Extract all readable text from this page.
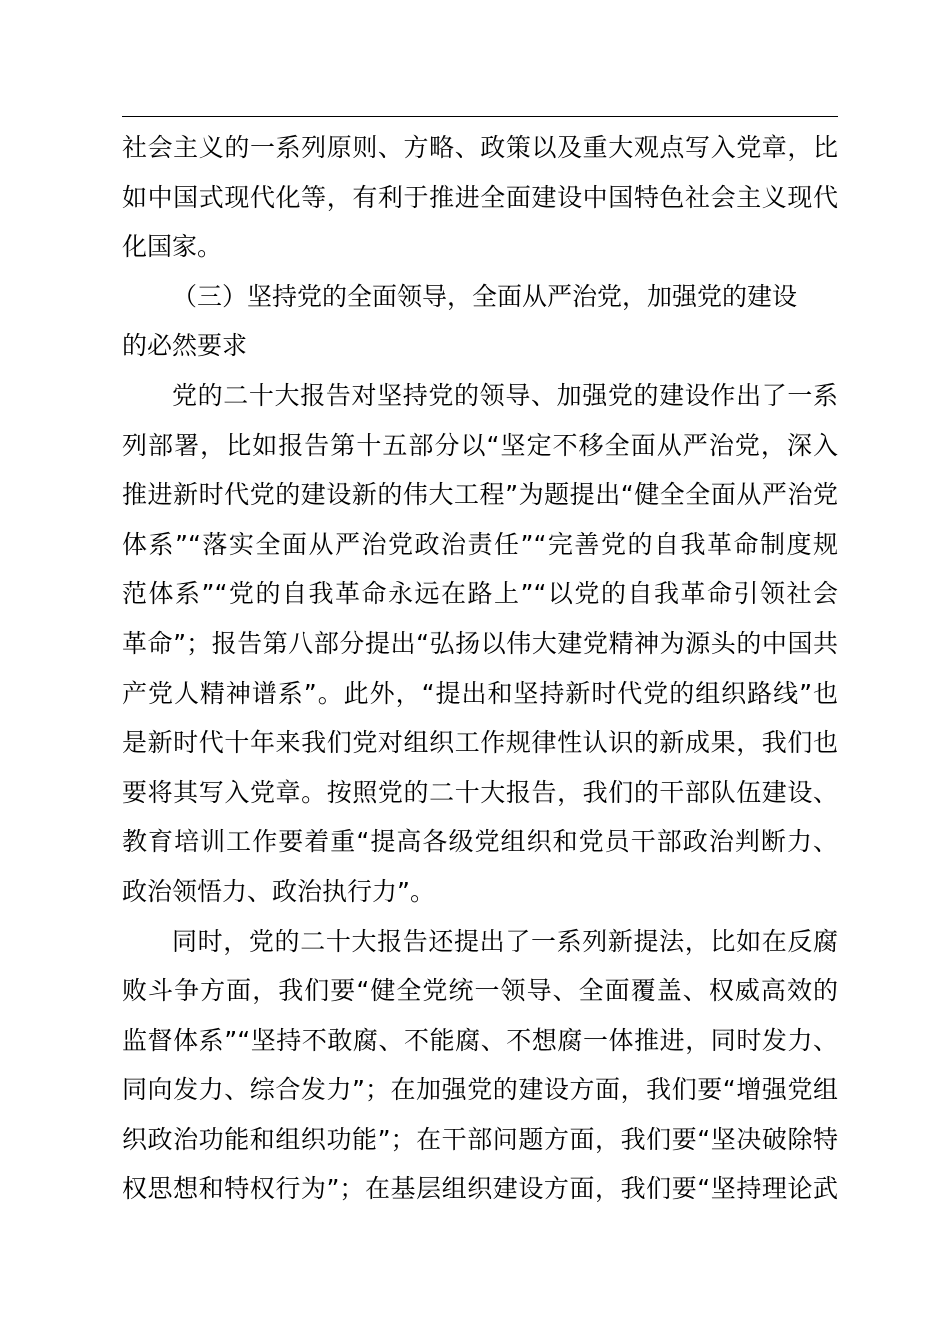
社会主义的一系列原则、方略、政策以及重大观点写入党章，比
如中国式现代化等，有利于推进全面建设中国特色社会主义现代
化国家。
（三）坚持党的全面领导，全面从严治党，加强党的建设
的必然要求
党的二十大报告对坚持党的领导、加强党的建设作出了一系
列部署，比如报告第十五部分以“坚定不移全面从严治党，深入
推进新时代党的建设新的伟大工程”为题提出“健全全面从严治党
体系”“落实全面从严治党政治责任”“完善党的自我革命制度规
范体系”“党的自我革命永远在路上”“以党的自我革命引领社会
革命”；报告第八部分提出“弘扬以伟大建党精神为源头的中国共
产党人精神谱系”。此外，“提出和坚持新时代党的组织路线”也
是新时代十年来我们党对组织工作规律性认识的新成果，我们也
要将其写入党章。按照党的二十大报告，我们的干部队伍建设、
教育培训工作要着重“提高各级党组织和党员干部政治判断力、
政治领悟力、政治执行力”。
同时，党的二十大报告还提出了一系列新提法，比如在反腐
败斗争方面，我们要“健全党统一领导、全面覆盖、权威高效的
监督体系”“坚持不敢腐、不能腐、不想腐一体推进，同时发力、
同向发力、综合发力”；在加强党的建设方面，我们要“增强党组
织政治功能和组织功能”；在干部问题方面，我们要“坚决破除特
权思想和特权行为”；在基层组织建设方面，我们要“坚持理论武
